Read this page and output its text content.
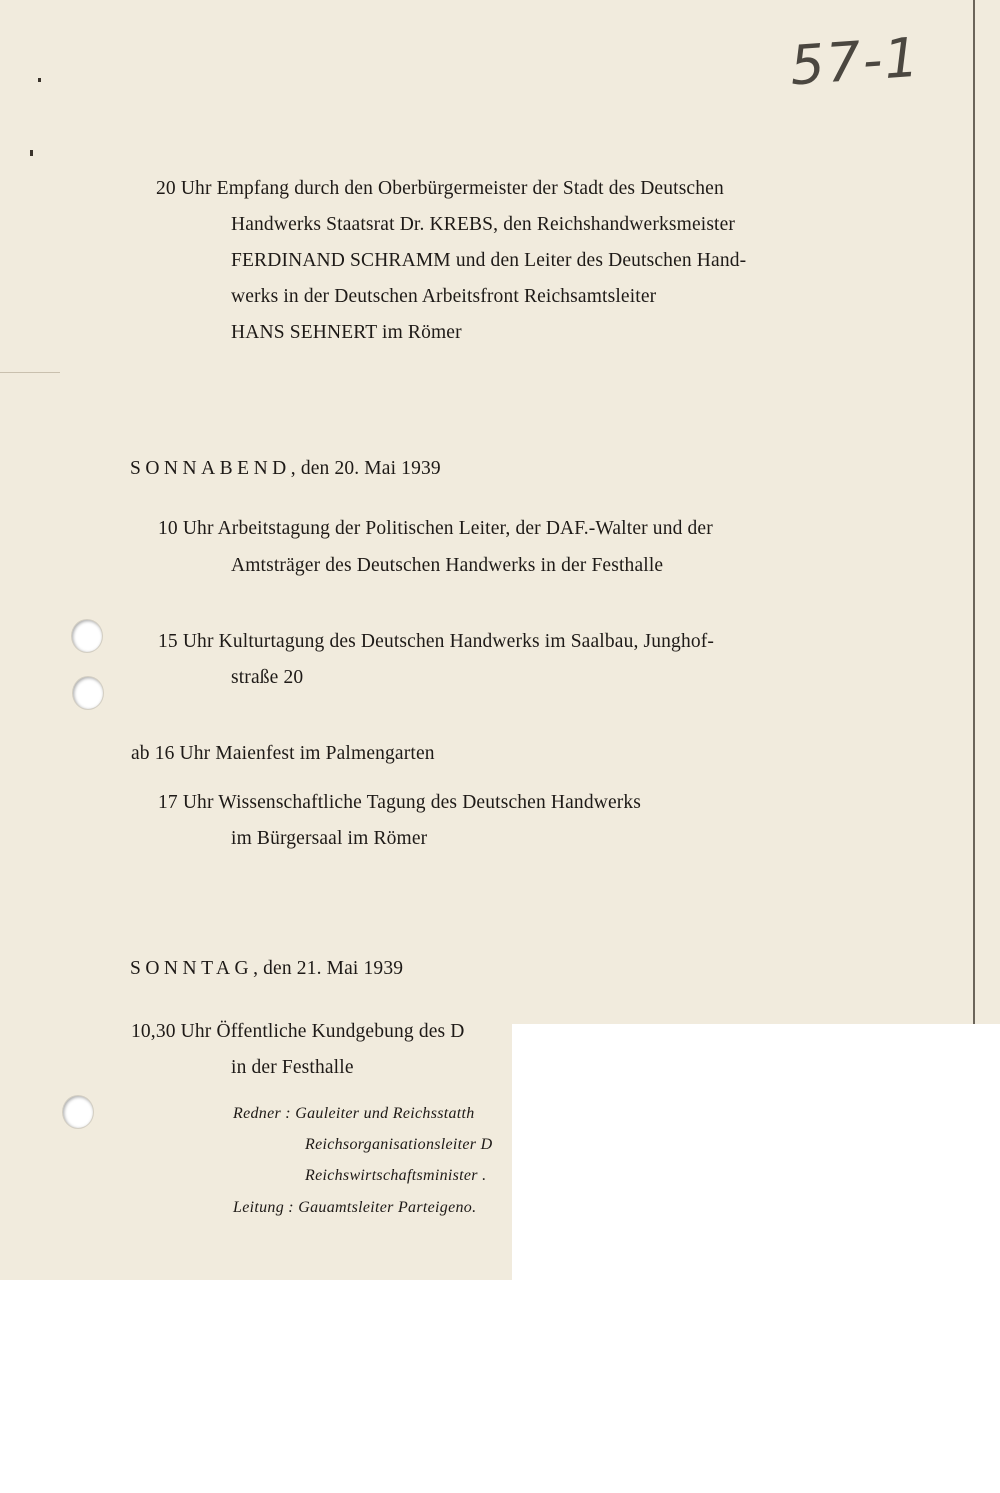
57-1
20 Uhr Empfang durch den Oberbürgermeister der Stadt des Deutschen
Handwerks Staatsrat Dr. KREBS, den Reichshandwerksmeister
FERDINAND SCHRAMM und den Leiter des Deutschen Hand-
werks in der Deutschen Arbeitsfront Reichsamtsleiter
HANS SEHNERT im Römer
SONNABEND, den 20. Mai 1939
10 Uhr Arbeitstagung der Politischen Leiter, der DAF.-Walter und der
Amtsträger des Deutschen Handwerks in der Festhalle
15 Uhr Kulturtagung des Deutschen Handwerks im Saalbau, Junghof-
straße 20
ab 16 Uhr Maienfest im Palmengarten
17 Uhr Wissenschaftliche Tagung des Deutschen Handwerks
im Bürgersaal im Römer
SONNTAG, den 21. Mai 1939
10,30 Uhr Öffentliche Kundgebung des D
in der Festhalle
Redner : Gauleiter und Reichsstatth
Reichsorganisationsleiter D
Reichswirtschaftsminister .
Leitung : Gauamtsleiter Parteigeno.
